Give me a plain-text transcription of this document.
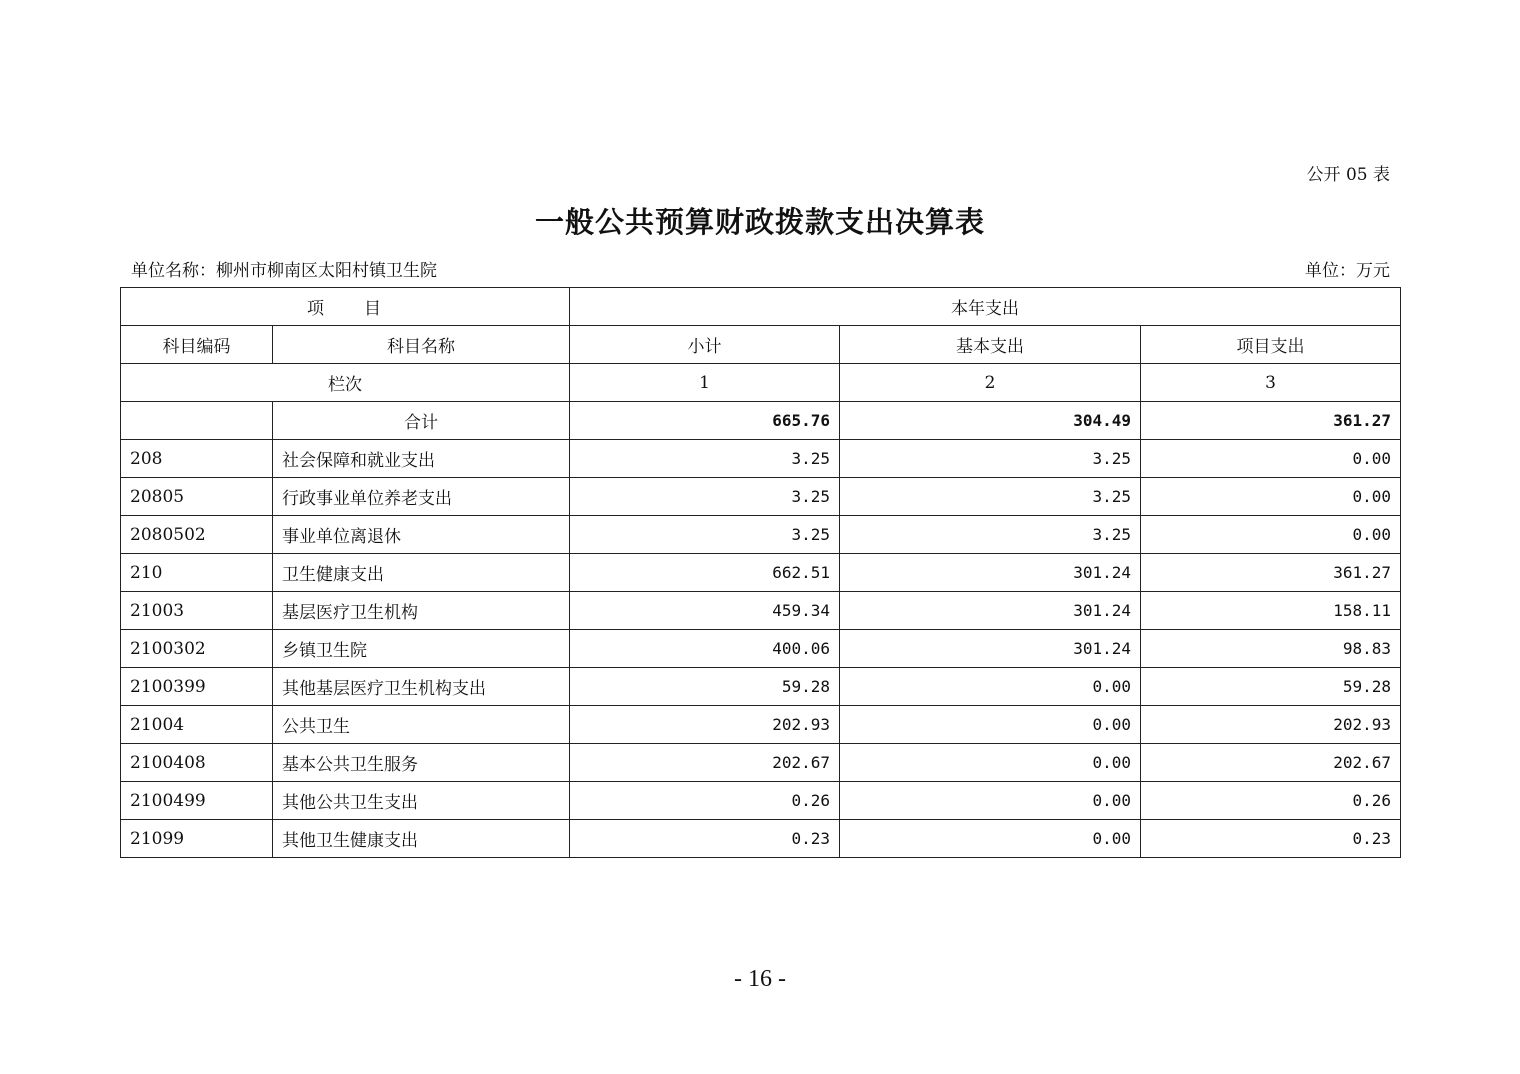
公开 05 表
一般公共预算财政拨款支出决算表
单位名称：柳州市柳南区太阳村镇卫生院	单位：万元
项　　目		本年支出		
科目编码	科目名称	小计	基本支出	项目支出
栏次		1	2	3
	合计	665.76	304.49	361.27
208	社会保障和就业支出	3.25	3.25	0.00
20805	行政事业单位养老支出	3.25	3.25	0.00
2080502	事业单位离退休	3.25	3.25	0.00
210	卫生健康支出	662.51	301.24	361.27
21003	基层医疗卫生机构	459.34	301.24	158.11
2100302	乡镇卫生院	400.06	301.24	98.83
2100399	其他基层医疗卫生机构支出	59.28	0.00	59.28
21004	公共卫生	202.93	0.00	202.93
2100408	基本公共卫生服务	202.67	0.00	202.67
2100499	其他公共卫生支出	0.26	0.00	0.26
21099	其他卫生健康支出	0.23	0.00	0.23
- 16 -
